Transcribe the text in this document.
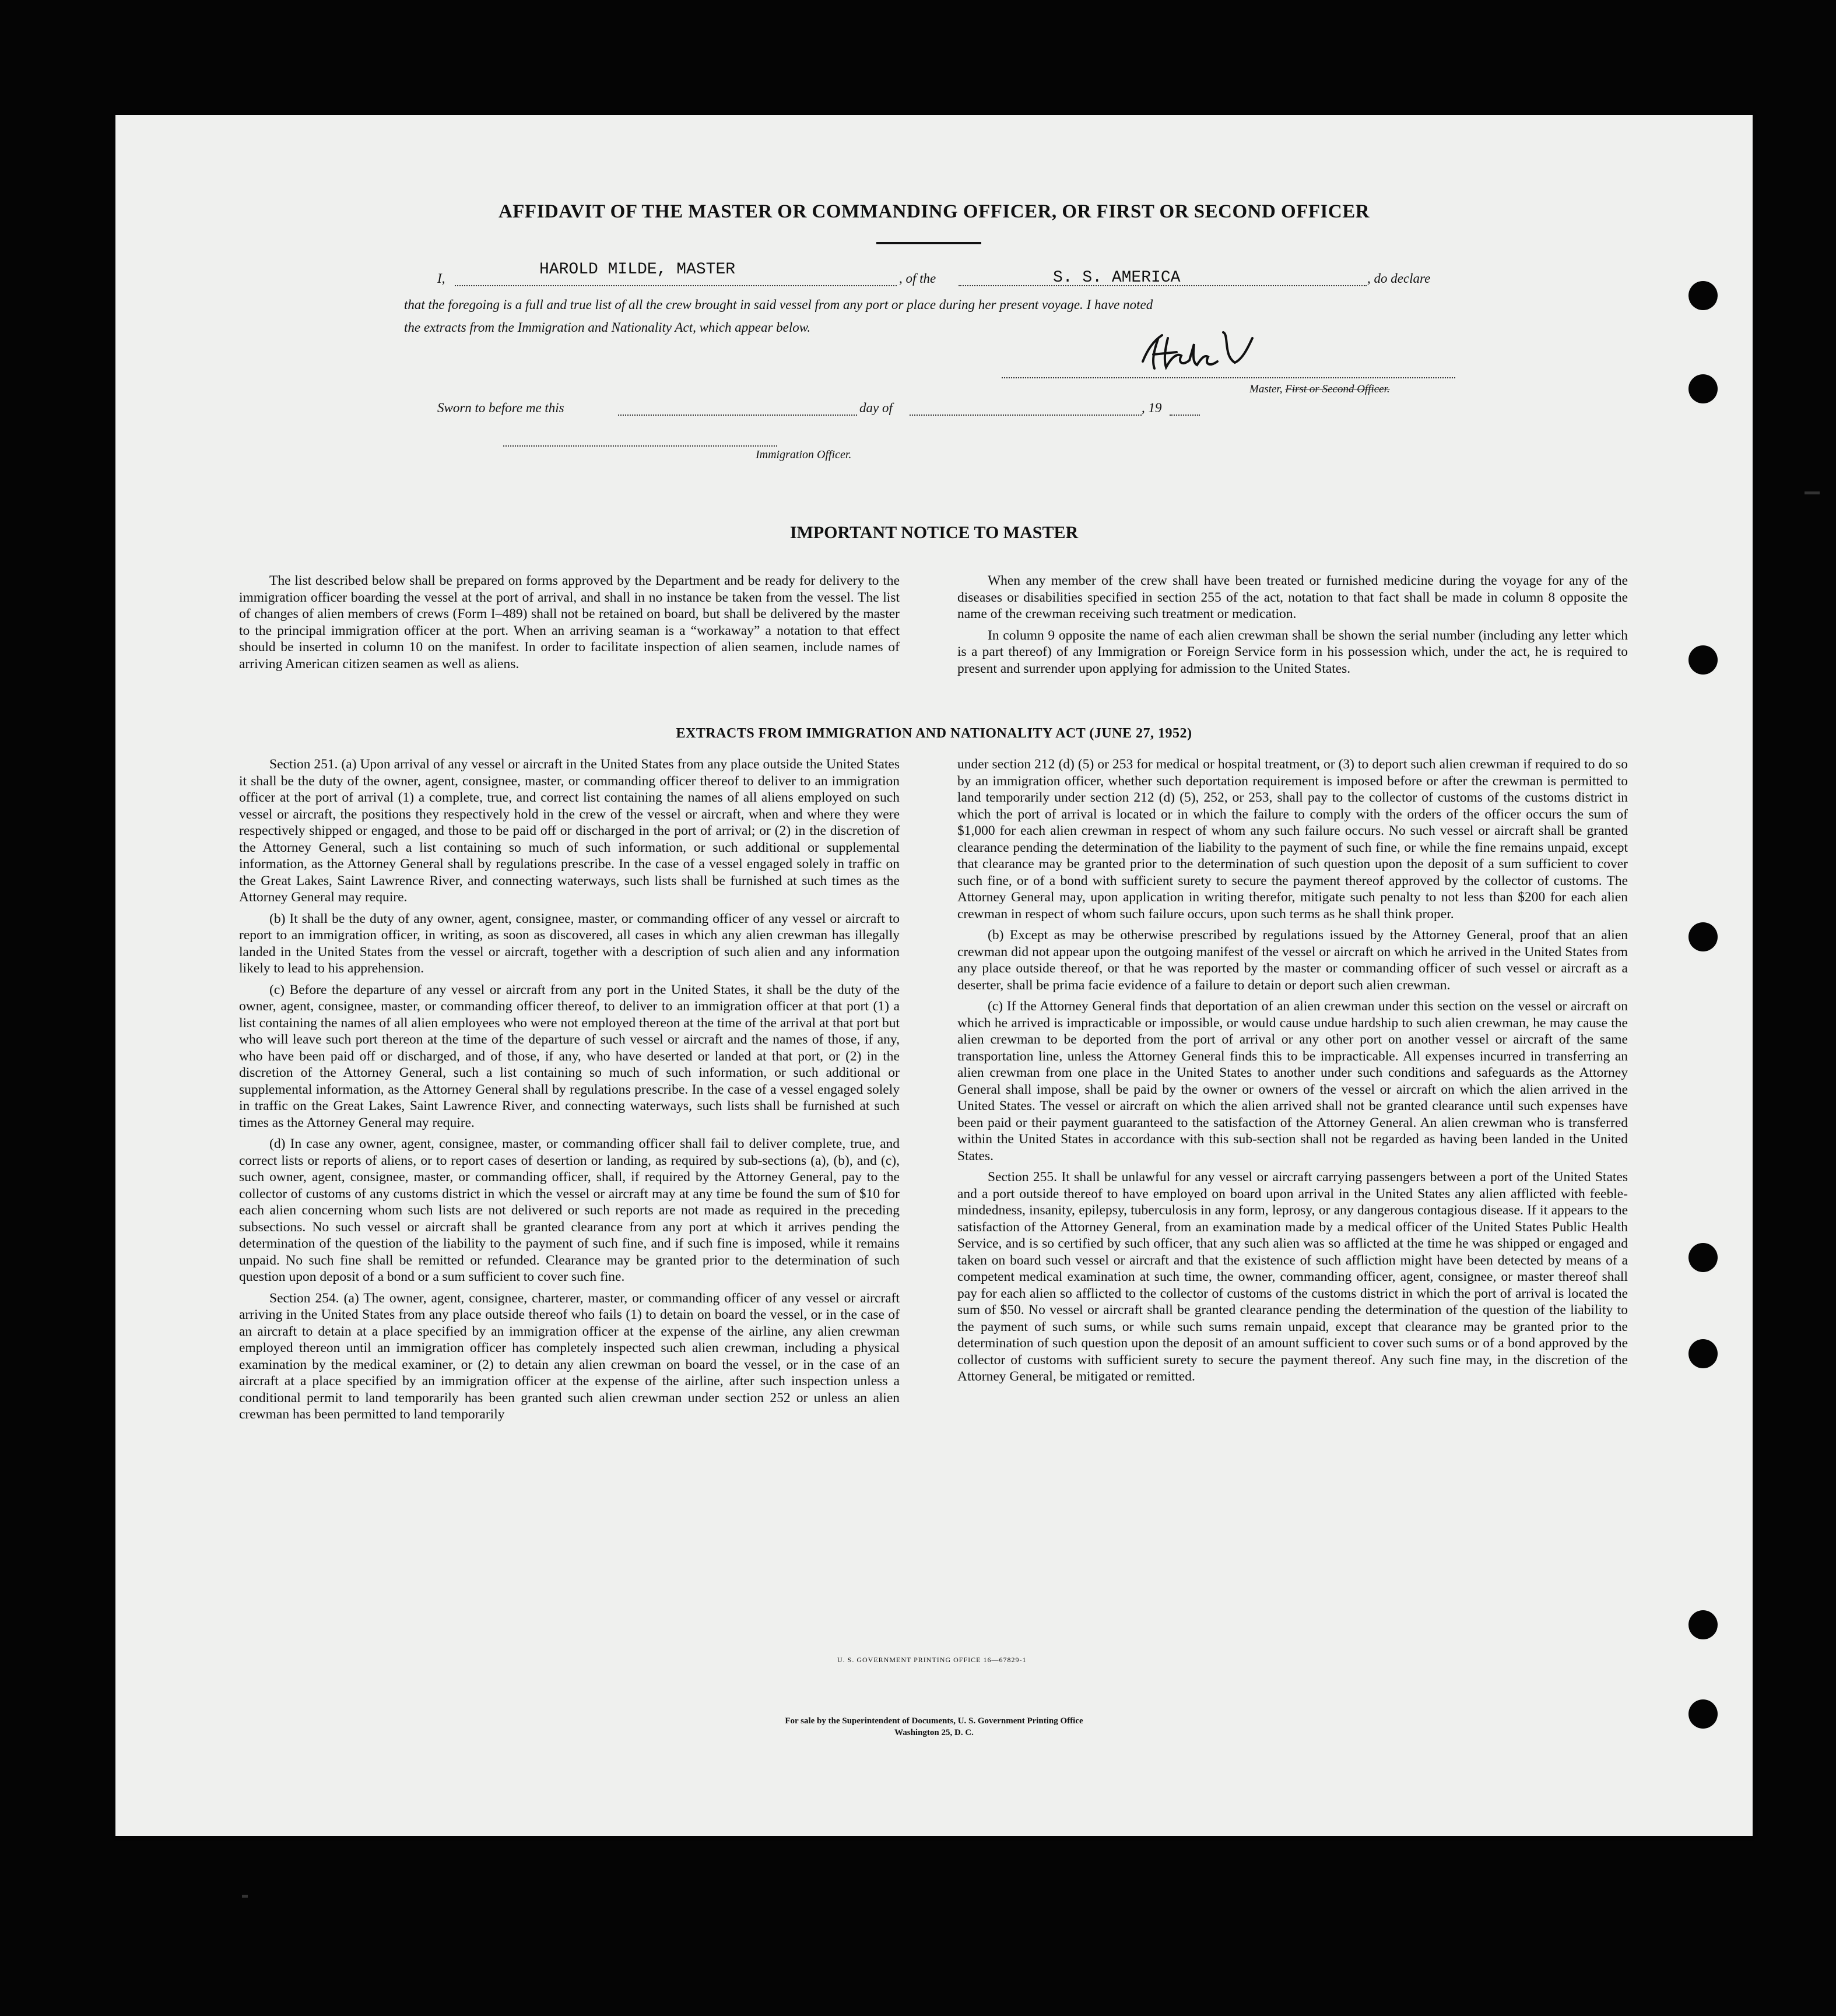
AFFIDAVIT OF THE MASTER OR COMMANDING OFFICER, OR FIRST OR SECOND OFFICER
I,	HAROLD MILDE, MASTER	, of the	S. S. AMERICA	, do declare
that the foregoing is a full and true list of all the crew brought in said vessel from any port or place during her present voyage. I have noted
the extracts from the Immigration and Nationality Act, which appear below.
Master, First or Second Officer.
Sworn to before me this	day of	, 19
Immigration Officer.
IMPORTANT NOTICE TO MASTER

The list described below shall be prepared on forms approved by the Department and be ready for delivery to the immigration officer boarding the vessel at the port of arrival, and shall in no instance be taken from the vessel. The list of changes of alien members of crews (Form I–489) shall not be retained on board, but shall be delivered by the master to the principal immigration officer at the port. When an arriving seaman is a “workaway” a notation to that effect should be inserted in column 10 on the manifest. In order to facilitate inspection of alien seamen, include names of arriving American citizen seamen as well as aliens.

When any member of the crew shall have been treated or furnished medicine during the voyage for any of the diseases or disabilities specified in section 255 of the act, notation to that fact shall be made in column 8 opposite the name of the crewman receiving such treatment or medication.

In column 9 opposite the name of each alien crewman shall be shown the serial number (including any letter which is a part thereof) of any Immigration or Foreign Service form in his possession which, under the act, he is required to present and surrender upon applying for admission to the United States.

EXTRACTS FROM IMMIGRATION AND NATIONALITY ACT (JUNE 27, 1952)

Section 251. (a) Upon arrival of any vessel or aircraft in the United States from any place outside the United States it shall be the duty of the owner, agent, consignee, master, or commanding officer thereof to deliver to an immigration officer at the port of arrival (1) a complete, true, and correct list containing the names of all aliens employed on such vessel or aircraft, the positions they respectively hold in the crew of the vessel or aircraft, when and where they were respectively shipped or engaged, and those to be paid off or discharged in the port of arrival; or (2) in the discretion of the Attorney General, such a list containing so much of such information, or such additional or supplemental information, as the Attorney General shall by regulations prescribe. In the case of a vessel engaged solely in traffic on the Great Lakes, Saint Lawrence River, and connecting waterways, such lists shall be furnished at such times as the Attorney General may require.

(b) It shall be the duty of any owner, agent, consignee, master, or commanding officer of any vessel or aircraft to report to an immigration officer, in writing, as soon as discovered, all cases in which any alien crewman has illegally landed in the United States from the vessel or aircraft, together with a description of such alien and any information likely to lead to his apprehension.

(c) Before the departure of any vessel or aircraft from any port in the United States, it shall be the duty of the owner, agent, consignee, master, or commanding officer thereof, to deliver to an immigration officer at that port (1) a list containing the names of all alien employees who were not employed thereon at the time of the arrival at that port but who will leave such port thereon at the time of the departure of such vessel or aircraft and the names of those, if any, who have been paid off or discharged, and of those, if any, who have deserted or landed at that port, or (2) in the discretion of the Attorney General, such a list containing so much of such information, or such additional or supplemental information, as the Attorney General shall by regulations prescribe. In the case of a vessel engaged solely in traffic on the Great Lakes, Saint Lawrence River, and connecting waterways, such lists shall be furnished at such times as the Attorney General may require.

(d) In case any owner, agent, consignee, master, or commanding officer shall fail to deliver complete, true, and correct lists or reports of aliens, or to report cases of desertion or landing, as required by sub-sections (a), (b), and (c), such owner, agent, consignee, master, or commanding officer, shall, if required by the Attorney General, pay to the collector of customs of any customs district in which the vessel or aircraft may at any time be found the sum of $10 for each alien concerning whom such lists are not delivered or such reports are not made as required in the preceding subsections. No such vessel or aircraft shall be granted clearance from any port at which it arrives pending the determination of the question of the liability to the payment of such fine, and if such fine is imposed, while it remains unpaid. No such fine shall be remitted or refunded. Clearance may be granted prior to the determination of such question upon deposit of a bond or a sum sufficient to cover such fine.

Section 254. (a) The owner, agent, consignee, charterer, master, or commanding officer of any vessel or aircraft arriving in the United States from any place outside thereof who fails (1) to detain on board the vessel, or in the case of an aircraft to detain at a place specified by an immigration officer at the expense of the airline, any alien crewman employed thereon until an immigration officer has completely inspected such alien crewman, including a physical examination by the medical examiner, or (2) to detain any alien crewman on board the vessel, or in the case of an aircraft at a place specified by an immigration officer at the expense of the airline, after such inspection unless a conditional permit to land temporarily has been granted such alien crewman under section 252 or unless an alien crewman has been permitted to land temporarily

under section 212 (d) (5) or 253 for medical or hospital treatment, or (3) to deport such alien crewman if required to do so by an immigration officer, whether such deportation requirement is imposed before or after the crewman is permitted to land temporarily under section 212 (d) (5), 252, or 253, shall pay to the collector of customs of the customs district in which the port of arrival is located or in which the failure to comply with the orders of the officer occurs the sum of $1,000 for each alien crewman in respect of whom any such failure occurs. No such vessel or aircraft shall be granted clearance pending the determination of the liability to the payment of such fine, or while the fine remains unpaid, except that clearance may be granted prior to the determination of such question upon the deposit of a sum sufficient to cover such fine, or of a bond with sufficient surety to secure the payment thereof approved by the collector of customs. The Attorney General may, upon application in writing therefor, mitigate such penalty to not less than $200 for each alien crewman in respect of whom such failure occurs, upon such terms as he shall think proper.

(b) Except as may be otherwise prescribed by regulations issued by the Attorney General, proof that an alien crewman did not appear upon the outgoing manifest of the vessel or aircraft on which he arrived in the United States from any place outside thereof, or that he was reported by the master or commanding officer of such vessel or aircraft as a deserter, shall be prima facie evidence of a failure to detain or deport such alien crewman.

(c) If the Attorney General finds that deportation of an alien crewman under this section on the vessel or aircraft on which he arrived is impracticable or impossible, or would cause undue hardship to such alien crewman, he may cause the alien crewman to be deported from the port of arrival or any other port on another vessel or aircraft of the same transportation line, unless the Attorney General finds this to be impracticable. All expenses incurred in transferring an alien crewman from one place in the United States to another under such conditions and safeguards as the Attorney General shall impose, shall be paid by the owner or owners of the vessel or aircraft on which the alien arrived in the United States. The vessel or aircraft on which the alien arrived shall not be granted clearance until such expenses have been paid or their payment guaranteed to the satisfaction of the Attorney General. An alien crewman who is transferred within the United States in accordance with this sub-section shall not be regarded as having been landed in the United States.

Section 255. It shall be unlawful for any vessel or aircraft carrying passengers between a port of the United States and a port outside thereof to have employed on board upon arrival in the United States any alien afflicted with feeble-mindedness, insanity, epilepsy, tuberculosis in any form, leprosy, or any dangerous contagious disease. If it appears to the satisfaction of the Attorney General, from an examination made by a medical officer of the United States Public Health Service, and is so certified by such officer, that any such alien was so afflicted at the time he was shipped or engaged and taken on board such vessel or aircraft and that the existence of such affliction might have been detected by means of a competent medical examination at such time, the owner, commanding officer, agent, consignee, or master thereof shall pay for each alien so afflicted to the collector of customs of the customs district in which the port of arrival is located the sum of $50. No vessel or aircraft shall be granted clearance pending the determination of the question of the liability to the payment of such sums, or while such sums remain unpaid, except that clearance may be granted prior to the determination of such question upon the deposit of an amount sufficient to cover such sums or of a bond approved by the collector of customs with sufficient surety to secure the payment thereof. Any such fine may, in the discretion of the Attorney General, be mitigated or remitted.

U. S. GOVERNMENT PRINTING OFFICE 16—67829-1
For sale by the Superintendent of Documents, U. S. Government Printing Office
Washington 25, D. C.
